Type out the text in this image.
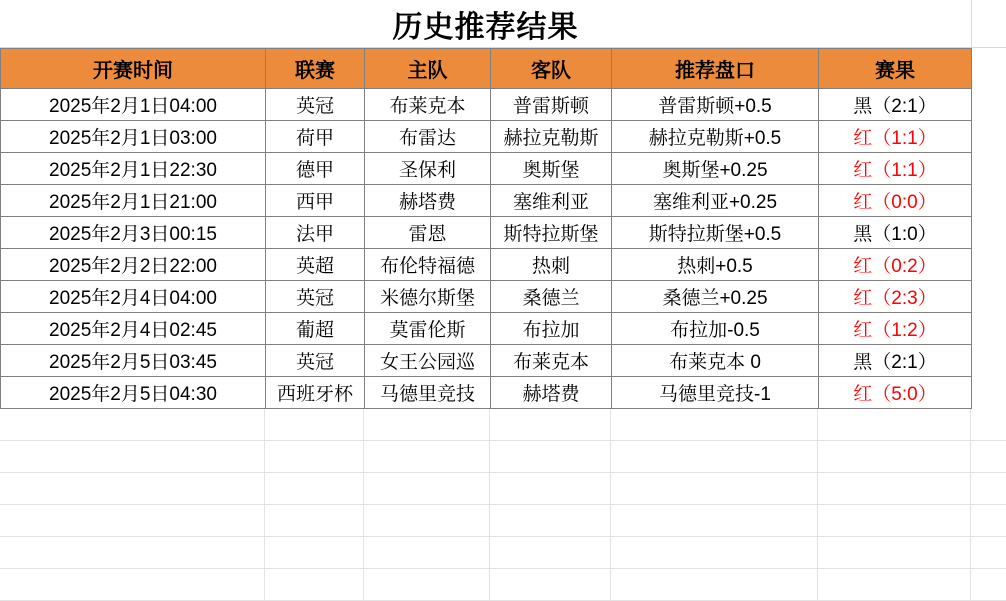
历史推荐结果
开赛时间	联赛	主队	客队	推荐盘口	赛果
2025年2月1日04:00	英冠	布莱克本	普雷斯顿	普雷斯顿+0.5	黑（2:1）
2025年2月1日03:00	荷甲	布雷达	赫拉克勒斯	赫拉克勒斯+0.5	红（1:1）
2025年2月1日22:30	德甲	圣保利	奥斯堡	奥斯堡+0.25	红（1:1）
2025年2月1日21:00	西甲	赫塔费	塞维利亚	塞维利亚+0.25	红（0:0）
2025年2月3日00:15	法甲	雷恩	斯特拉斯堡	斯特拉斯堡+0.5	黑（1:0）
2025年2月2日22:00	英超	布伦特福德	热刺	热刺+0.5	红（0:2）
2025年2月4日04:00	英冠	米德尔斯堡	桑德兰	桑德兰+0.25	红（2:3）
2025年2月4日02:45	葡超	莫雷伦斯	布拉加	布拉加-0.5	红（1:2）
2025年2月5日03:45	英冠	女王公园巡	布莱克本	布莱克本 0	黑（2:1）
2025年2月5日04:30	西班牙杯	马德里竞技	赫塔费	马德里竞技-1	红（5:0）
